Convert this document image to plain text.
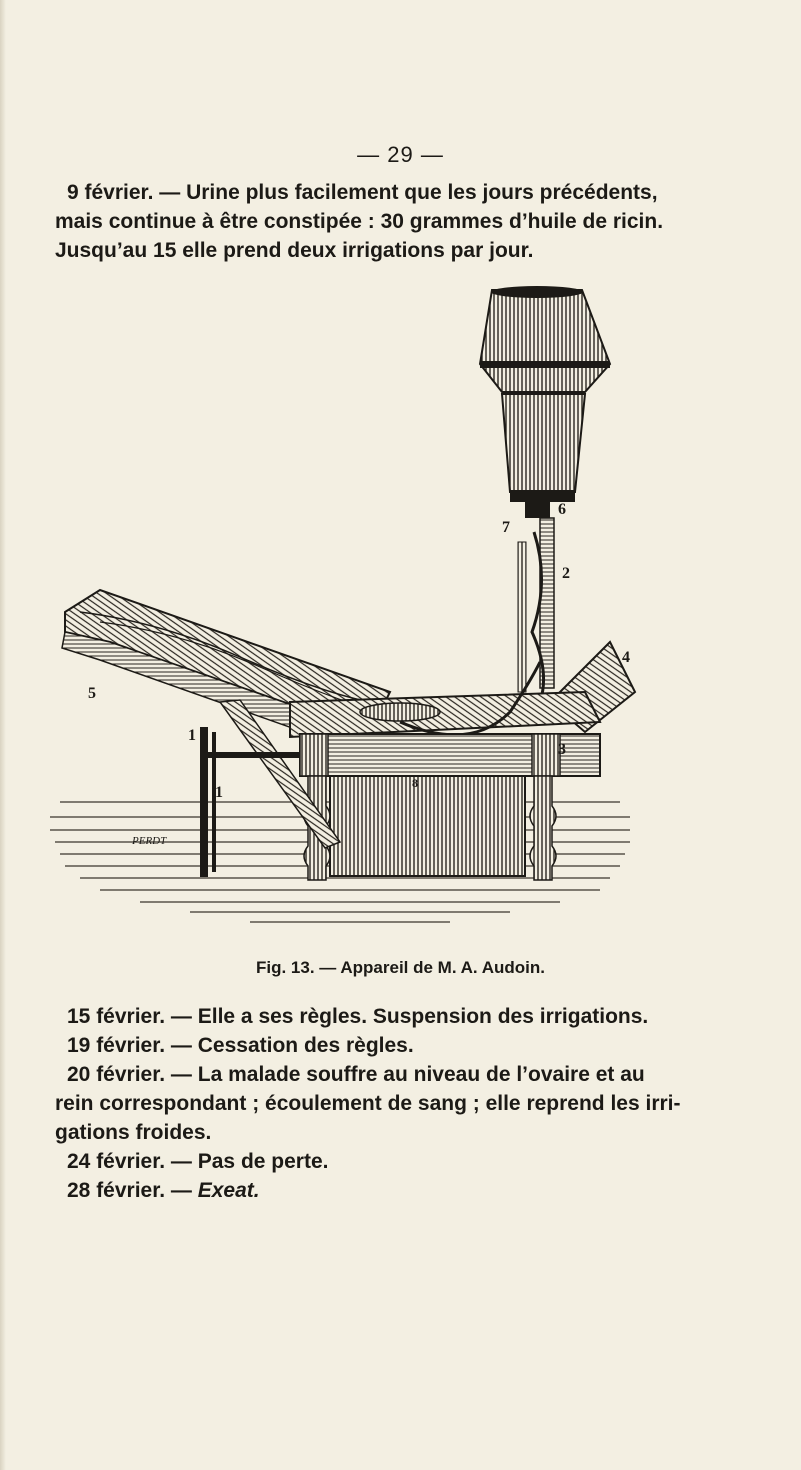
— 29 —
9 février. — Urine plus facilement que les jours précédents,
mais continue à être constipée : 30 grammes d’huile de ricin.
Jusqu’au 15 elle prend deux irrigations par jour.
7
6
2
4
3
5
1
1
8
PERDT
Fig. 13. — Appareil de M. A. Audoin.
15 février. — Elle a ses règles. Suspension des irrigations.
19 février. — Cessation des règles.
20 février. — La malade souffre au niveau de l’ovaire et au
rein correspondant ; écoulement de sang ; elle reprend les irri-
gations froides.
24 février. — Pas de perte.
28 février. — Exeat.
